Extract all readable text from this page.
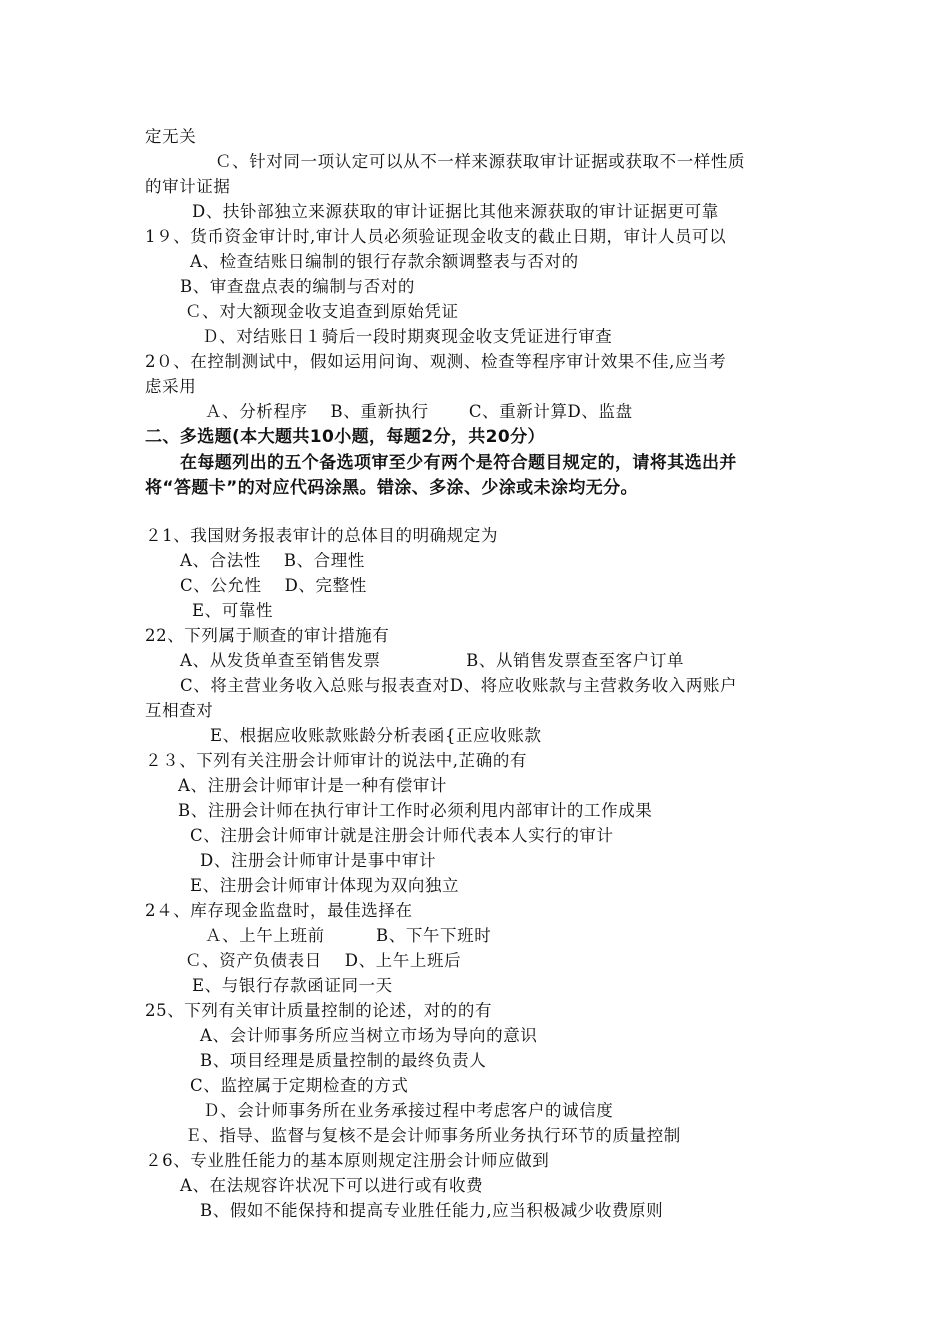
定无关
Ｃ、针对同一项认定可以从不一样来源获取审计证据或获取不一样性质
的审计证据
D、扶钋部独立来源获取的审计证据比其他来源获取的审计证据更可靠
1９、货币资金审计时,审计人员必须验证现金收支的截止日期，审计人员可以
A、检查结账日编制的银行存款余额调整表与否对的
B、审查盘点表的编制与否对的
Ｃ、对大额现金收支追查到原始凭证
Ｄ、对结账日１骑后一段时期爽现金收支凭证进行审查
2０、在控制测试中，假如运用问询、观测、检查等程序审计效果不佳,应当考
虑采用
Ａ、分析程序　 B、重新执行　　 C、重新计算D、监盘
二、多选题(本大题共10小题，每题2分，共20分）
在每题列出的五个备选项审至少有两个是符合题目规定的，请将其选出并
将“答题卡”的对应代码涂黑。错涂、多涂、少涂或未涂均无分。
２1、我国财务报表审计的总体目的明确规定为
A、合法性　 B、合理性
C、公允性　 D、完整性
E、可靠性
22、下列属于顺查的审计措施有
A、从发货单查至销售发票　　　　　B、从销售发票查至客户订单
C、将主营业务收入总账与报表查对D、将应收账款与主营救务收入两账户
互相查对
E、根据应收账款账龄分析表函{正应收账款
２３、下列有关注册会计师审计的说法中,芷确的有
A、注册会计师审计是一种有偿审计
B、注册会计师在执行审计工作时必须利甩内部审计的工作成果
C、注册会计师审计就是注册会计师代表本人实行的审计
D、注册会计师审计是事中审计
E、注册会计师审计体现为双向独立
2４、库存现金监盘时，最佳选择在
Ａ、上午上班前　　　B、下午下班时
Ｃ、资产负债表日　 D、上午上班后
E、与银行存款函证同一天
25、下列有关审计质量控制的论述，对的的有
A、会计师事务所应当树立市场为导向的意识
B、项目经理是质量控制的最终负责人
C、监控属于定期检查的方式
Ｄ、会计师事务所在业务承接过程中考虑客户的诚信度
Ｅ、指导、监督与复核不是会计师事务所业务执行环节的质量控制
２6、专业胜任能力的基本原则规定注册会计师应做到
A、在法规容许状况下可以进行或有收费
B、假如不能保持和提高专业胜任能力,应当积极减少收费原则
